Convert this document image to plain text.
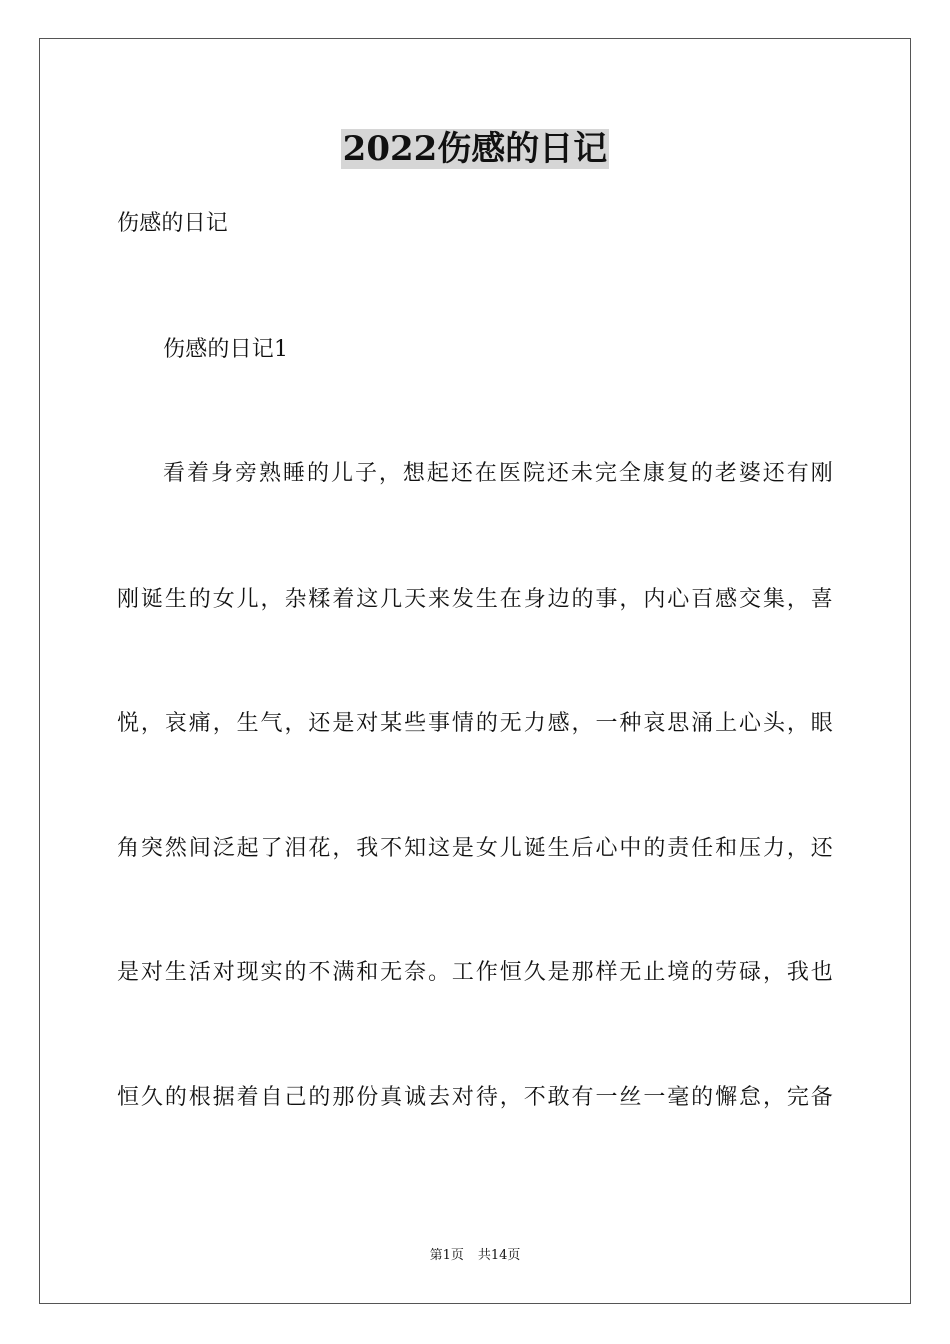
2022伤感的日记
伤感的日记
伤感的日记1
看着身旁熟睡的儿子，想起还在医院还未完全康复的老婆还有刚
刚诞生的女儿，杂糅着这几天来发生在身边的事，内心百感交集，喜
悦，哀痛，生气，还是对某些事情的无力感，一种哀思涌上心头，眼
角突然间泛起了泪花，我不知这是女儿诞生后心中的责任和压力，还
是对生活对现实的不满和无奈。工作恒久是那样无止境的劳碌，我也
恒久的根据着自己的那份真诚去对待，不敢有一丝一毫的懈怠，完备
第1页 共14页
